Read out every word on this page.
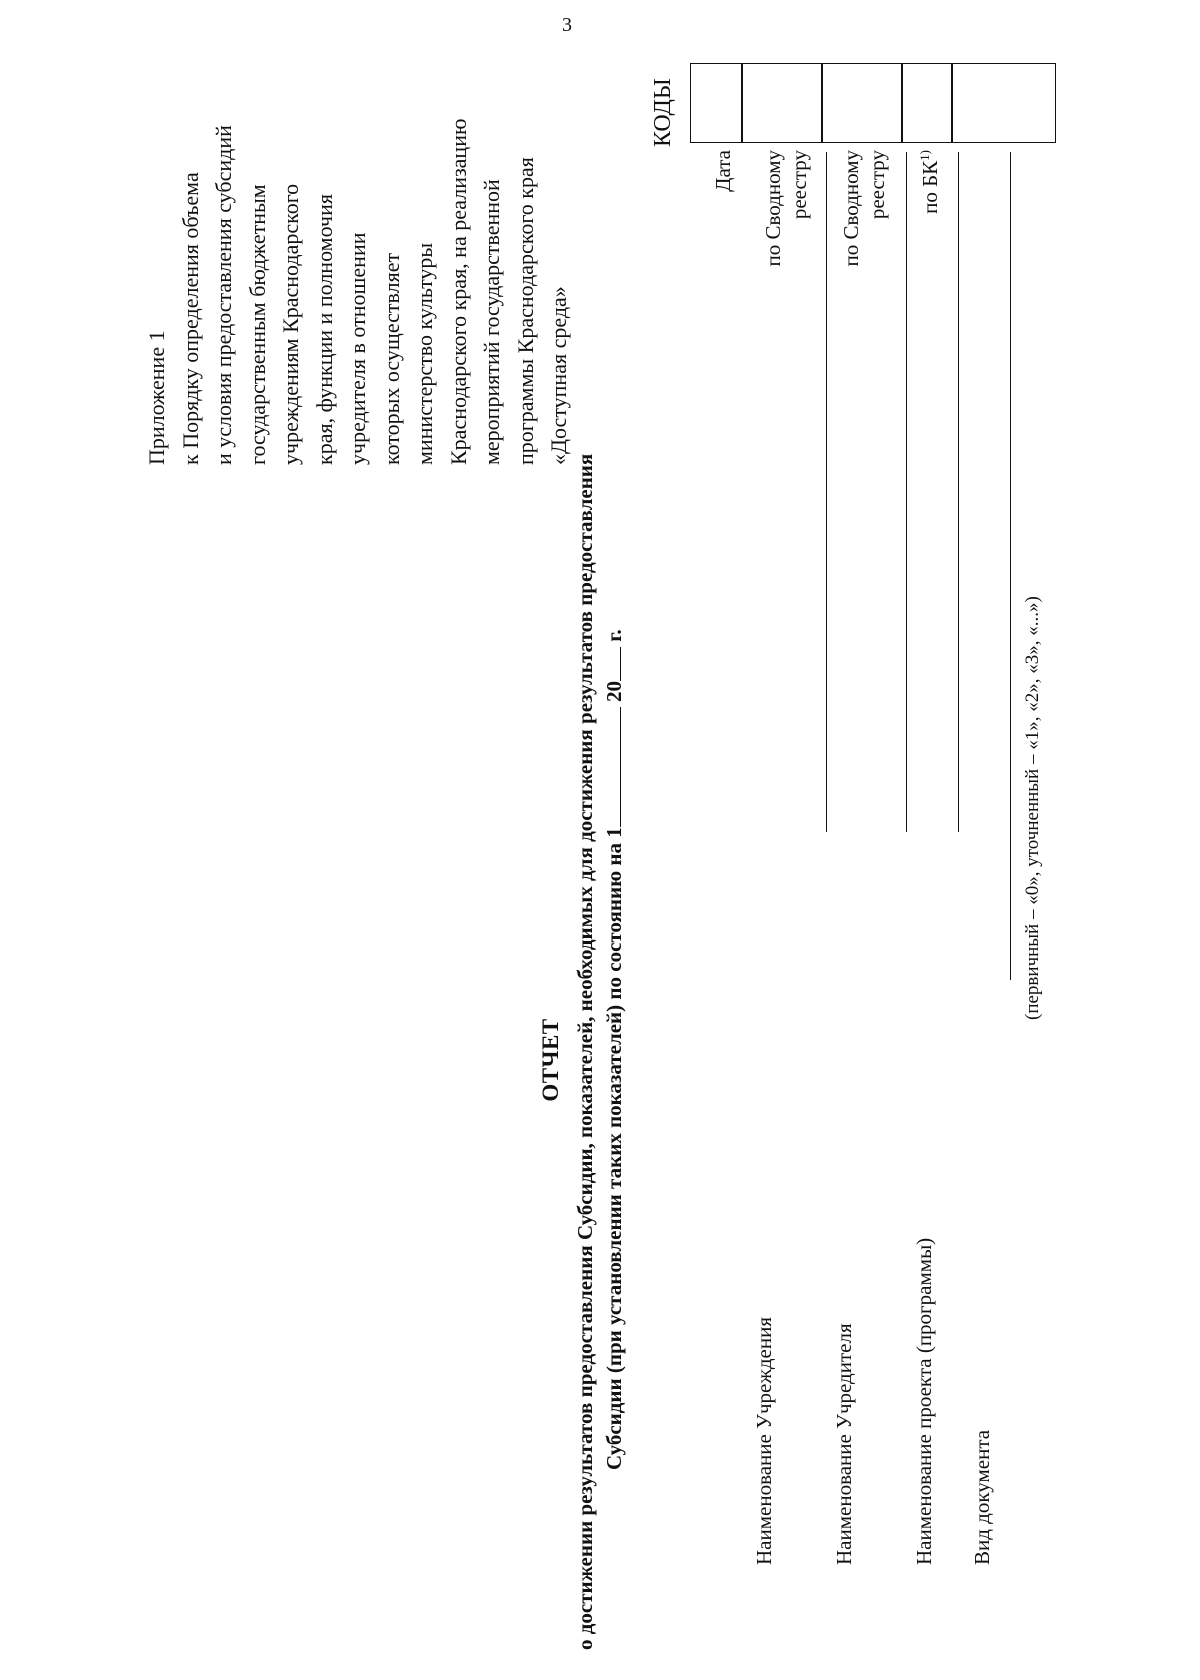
3
Приложение 1 к Порядку определения объема и условия предоставления субсидий государственным бюджетным учреждениям Краснодарского края, функции и полномочия учредителя в отношении которых осуществляет министерство культуры Краснодарского края, на реализацию мероприятий государственной программы Краснодарского края «Доступная среда»
ОТЧЕТ о достижении результатов предоставления Субсидии, показателей, необходимых для достижения результатов предоставления Субсидии (при установлении таких показателей) по состоянию на 1 20 г.
КОДЫ
Дата по Сводному реестру по Сводному реестру по БК$^{1)}$
Наименование Учреждения	Наименование Учредителя	Наименование проекта (программы) Вид документа
(первичный – «0», уточненный – «1», «2», «3», «...»)
